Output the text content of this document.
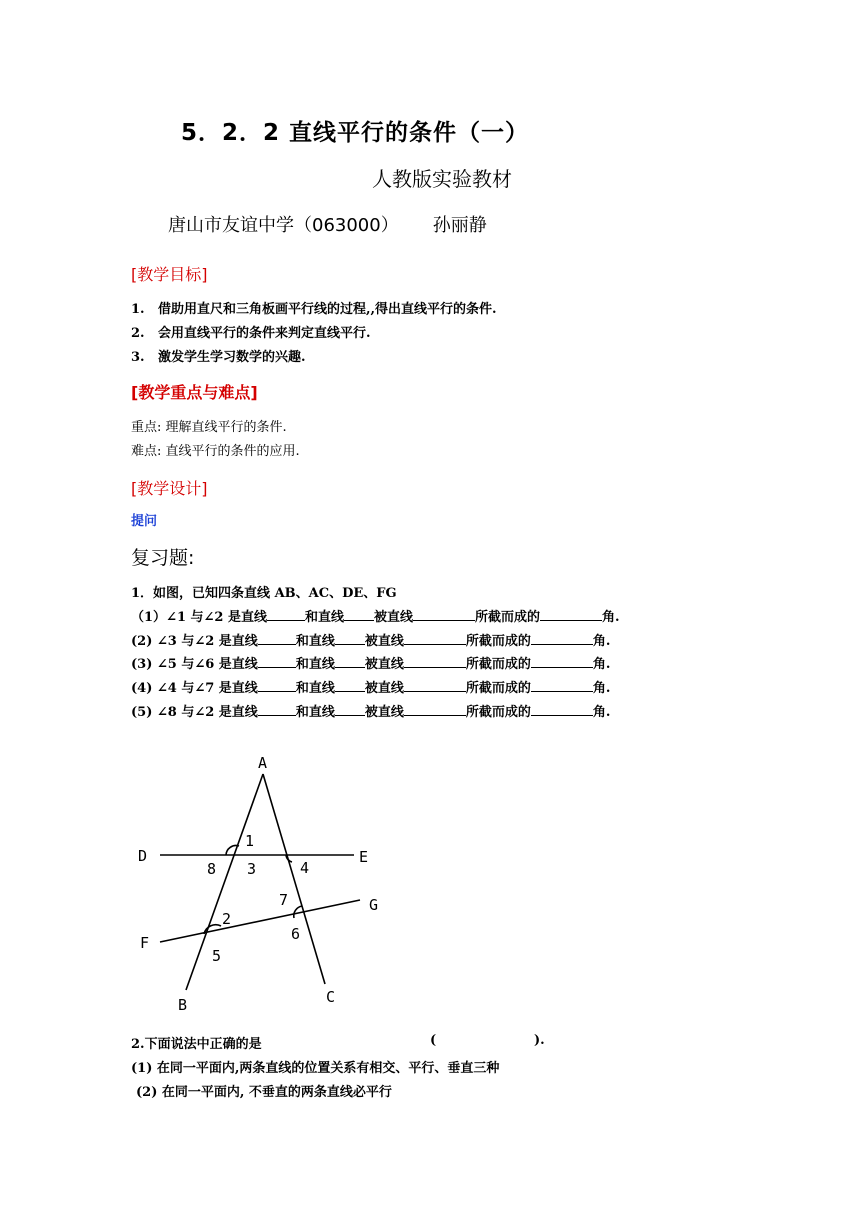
5．2．2 直线平行的条件（一）
人教版实验教材
唐山市友谊中学（063000） 孙丽静
[教学目标]
1. 借助用直尺和三角板画平行线的过程,,得出直线平行的条件.
2. 会用直线平行的条件来判定直线平行.
3. 激发学生学习数学的兴趣.
[教学重点与难点]
重点: 理解直线平行的条件.
难点: 直线平行的条件的应用.
[教学设计]
提问
复习题:
1．如图，已知四条直线 AB、AC、DE、FG
（1）∠1 与∠2 是直线	和直线 被直线	所截而成的	角.
(2) ∠3 与∠2 是直线	和直线 被直线	所截而成的	角.
(3) ∠5 与∠6 是直线	和直线 被直线	所截而成的	角.
(4) ∠4 与∠7 是直线	和直线 被直线	所截而成的	角.
(5) ∠8 与∠2 是直线	和直线 被直线	所截而成的	角.
A
B	C
D	E
F
G
1
2
3	4
5
6
7
8
2.下面说法中正确的是	(	).
(1) 在同一平面内,两条直线的位置关系有相交、平行、垂直三种
(2) 在同一平面内, 不垂直的两条直线必平行
